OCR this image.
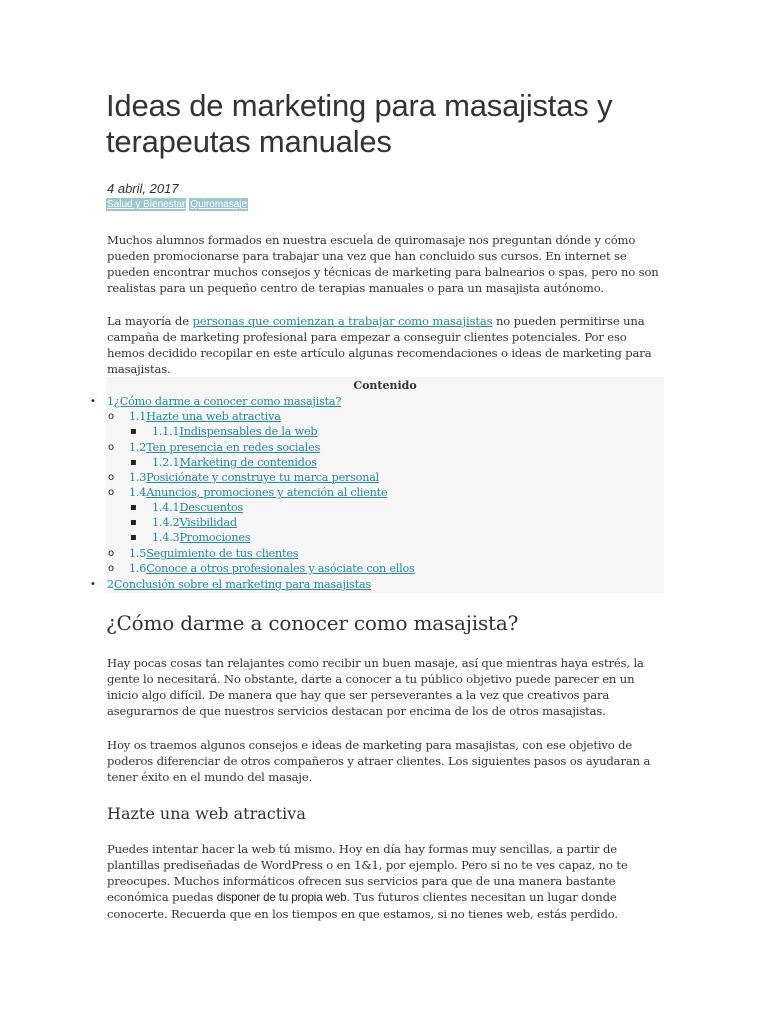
Ideas de marketing para masajistas y terapeutas manuales
4 abril, 2017
Salud y Bienestar Quiromasaje

Muchos alumnos formados en nuestra escuela de quiromasaje nos preguntan dónde y cómo pueden promocionarse para trabajar una vez que han concluido sus cursos. En internet se pueden encontrar muchos consejos y técnicas de marketing para balnearios o spas, pero no son realistas para un pequeño centro de terapias manuales o para un masajista autónomo.

La mayoría de personas que comienzan a trabajar como masajistas no pueden permitirse una campaña de marketing profesional para empezar a conseguir clientes potenciales. Por eso hemos decidido recopilar en este artículo algunas recomendaciones o ideas de marketing para masajistas.

Contenido
•
o
▪
o
▪
o
o
▪
▪
▪
o
o
•
1¿Cómo darme a conocer como masajista?
1.1Hazte una web atractiva
1.1.1Indispensables de la web
1.2Ten presencia en redes sociales
1.2.1Marketing de contenidos
1.3Posiciónate y construye tu marca personal
1.4Anuncios, promociones y atención al cliente
1.4.1Descuentos
1.4.2Visibilidad
1.4.3Promociones
1.5Seguimiento de tus clientes
1.6Conoce a otros profesionales y asóciate con ellos
2Conclusión sobre el marketing para masajistas
¿Cómo darme a conocer como masajista?

Hay pocas cosas tan relajantes como recibir un buen masaje, así que mientras haya estrés, la gente lo necesitará. No obstante, darte a conocer a tu público objetivo puede parecer en un inicio algo difícil. De manera que hay que ser perseverantes a la vez que creativos para asegurarnos de que nuestros servicios destacan por encima de los de otros masajistas.

Hoy os traemos algunos consejos e ideas de marketing para masajistas, con ese objetivo de poderos diferenciar de otros compañeros y atraer clientes. Los siguientes pasos os ayudaran a tener éxito en el mundo del masaje.

Hazte una web atractiva

Puedes intentar hacer la web tú mismo. Hoy en día hay formas muy sencillas, a partir de plantillas prediseñadas de WordPress o en 1&1, por ejemplo. Pero si no te ves capaz, no te preocupes. Muchos informáticos ofrecen sus servicios para que de una manera bastante económica puedas disponer de tu propia web. Tus futuros clientes necesitan un lugar donde conocerte. Recuerda que en los tiempos en que estamos, si no tienes web, estás perdido.
